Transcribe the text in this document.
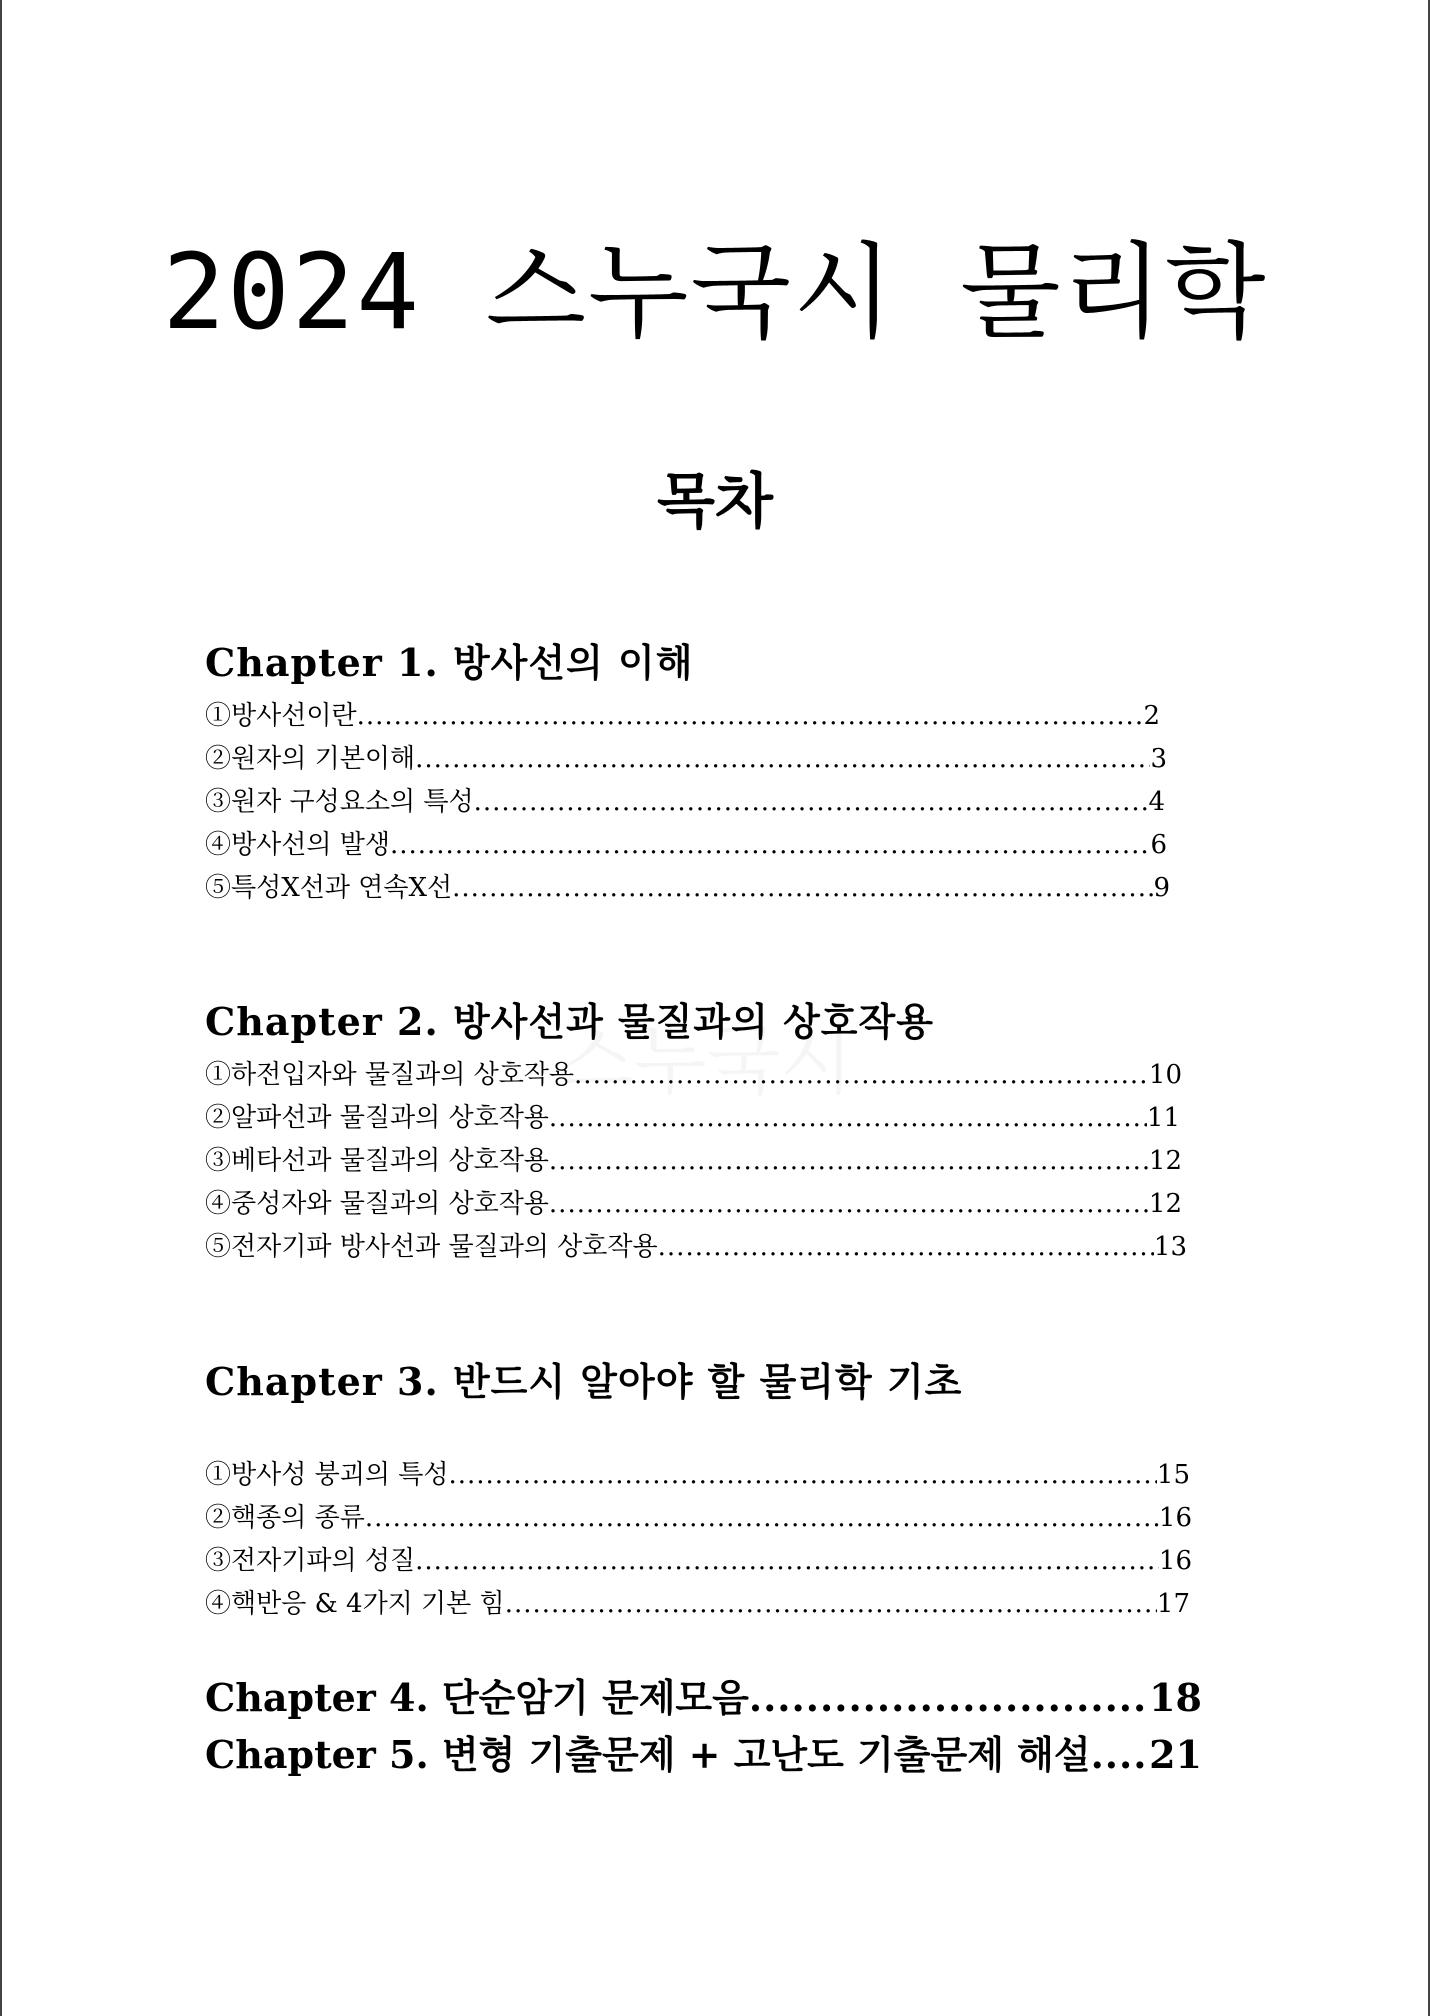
2024 스누국시 물리학
목차
Chapter 1. 방사선의 이해
①방사선이란 .....	2
②원자의 기본이해 .....	3
③원자 구성요소의 특성 .....	4
④방사선의 발생 .....	6
⑤특성X선과 연속X선 .....	9
Chapter 2. 방사선과 물질과의 상호작용
①하전입자와 물질과의 상호작용 .....	10
②알파선과 물질과의 상호작용 .....	11
③베타선과 물질과의 상호작용 .....	12
④중성자와 물질과의 상호작용 .....	12
⑤전자기파 방사선과 물질과의 상호작용 .....	13
Chapter 3. 반드시 알아야 할 물리학 기초
①방사성 붕괴의 특성 .....	15
②핵종의 종류 .....	16
③전자기파의 성질 .....	16
④핵반응 & 4가지 기본 힘 .....	17
Chapter 4. 단순암기 문제모음 .....	18
Chapter 5. 변형 기출문제 + 고난도 기출문제 해설 ..... 21
